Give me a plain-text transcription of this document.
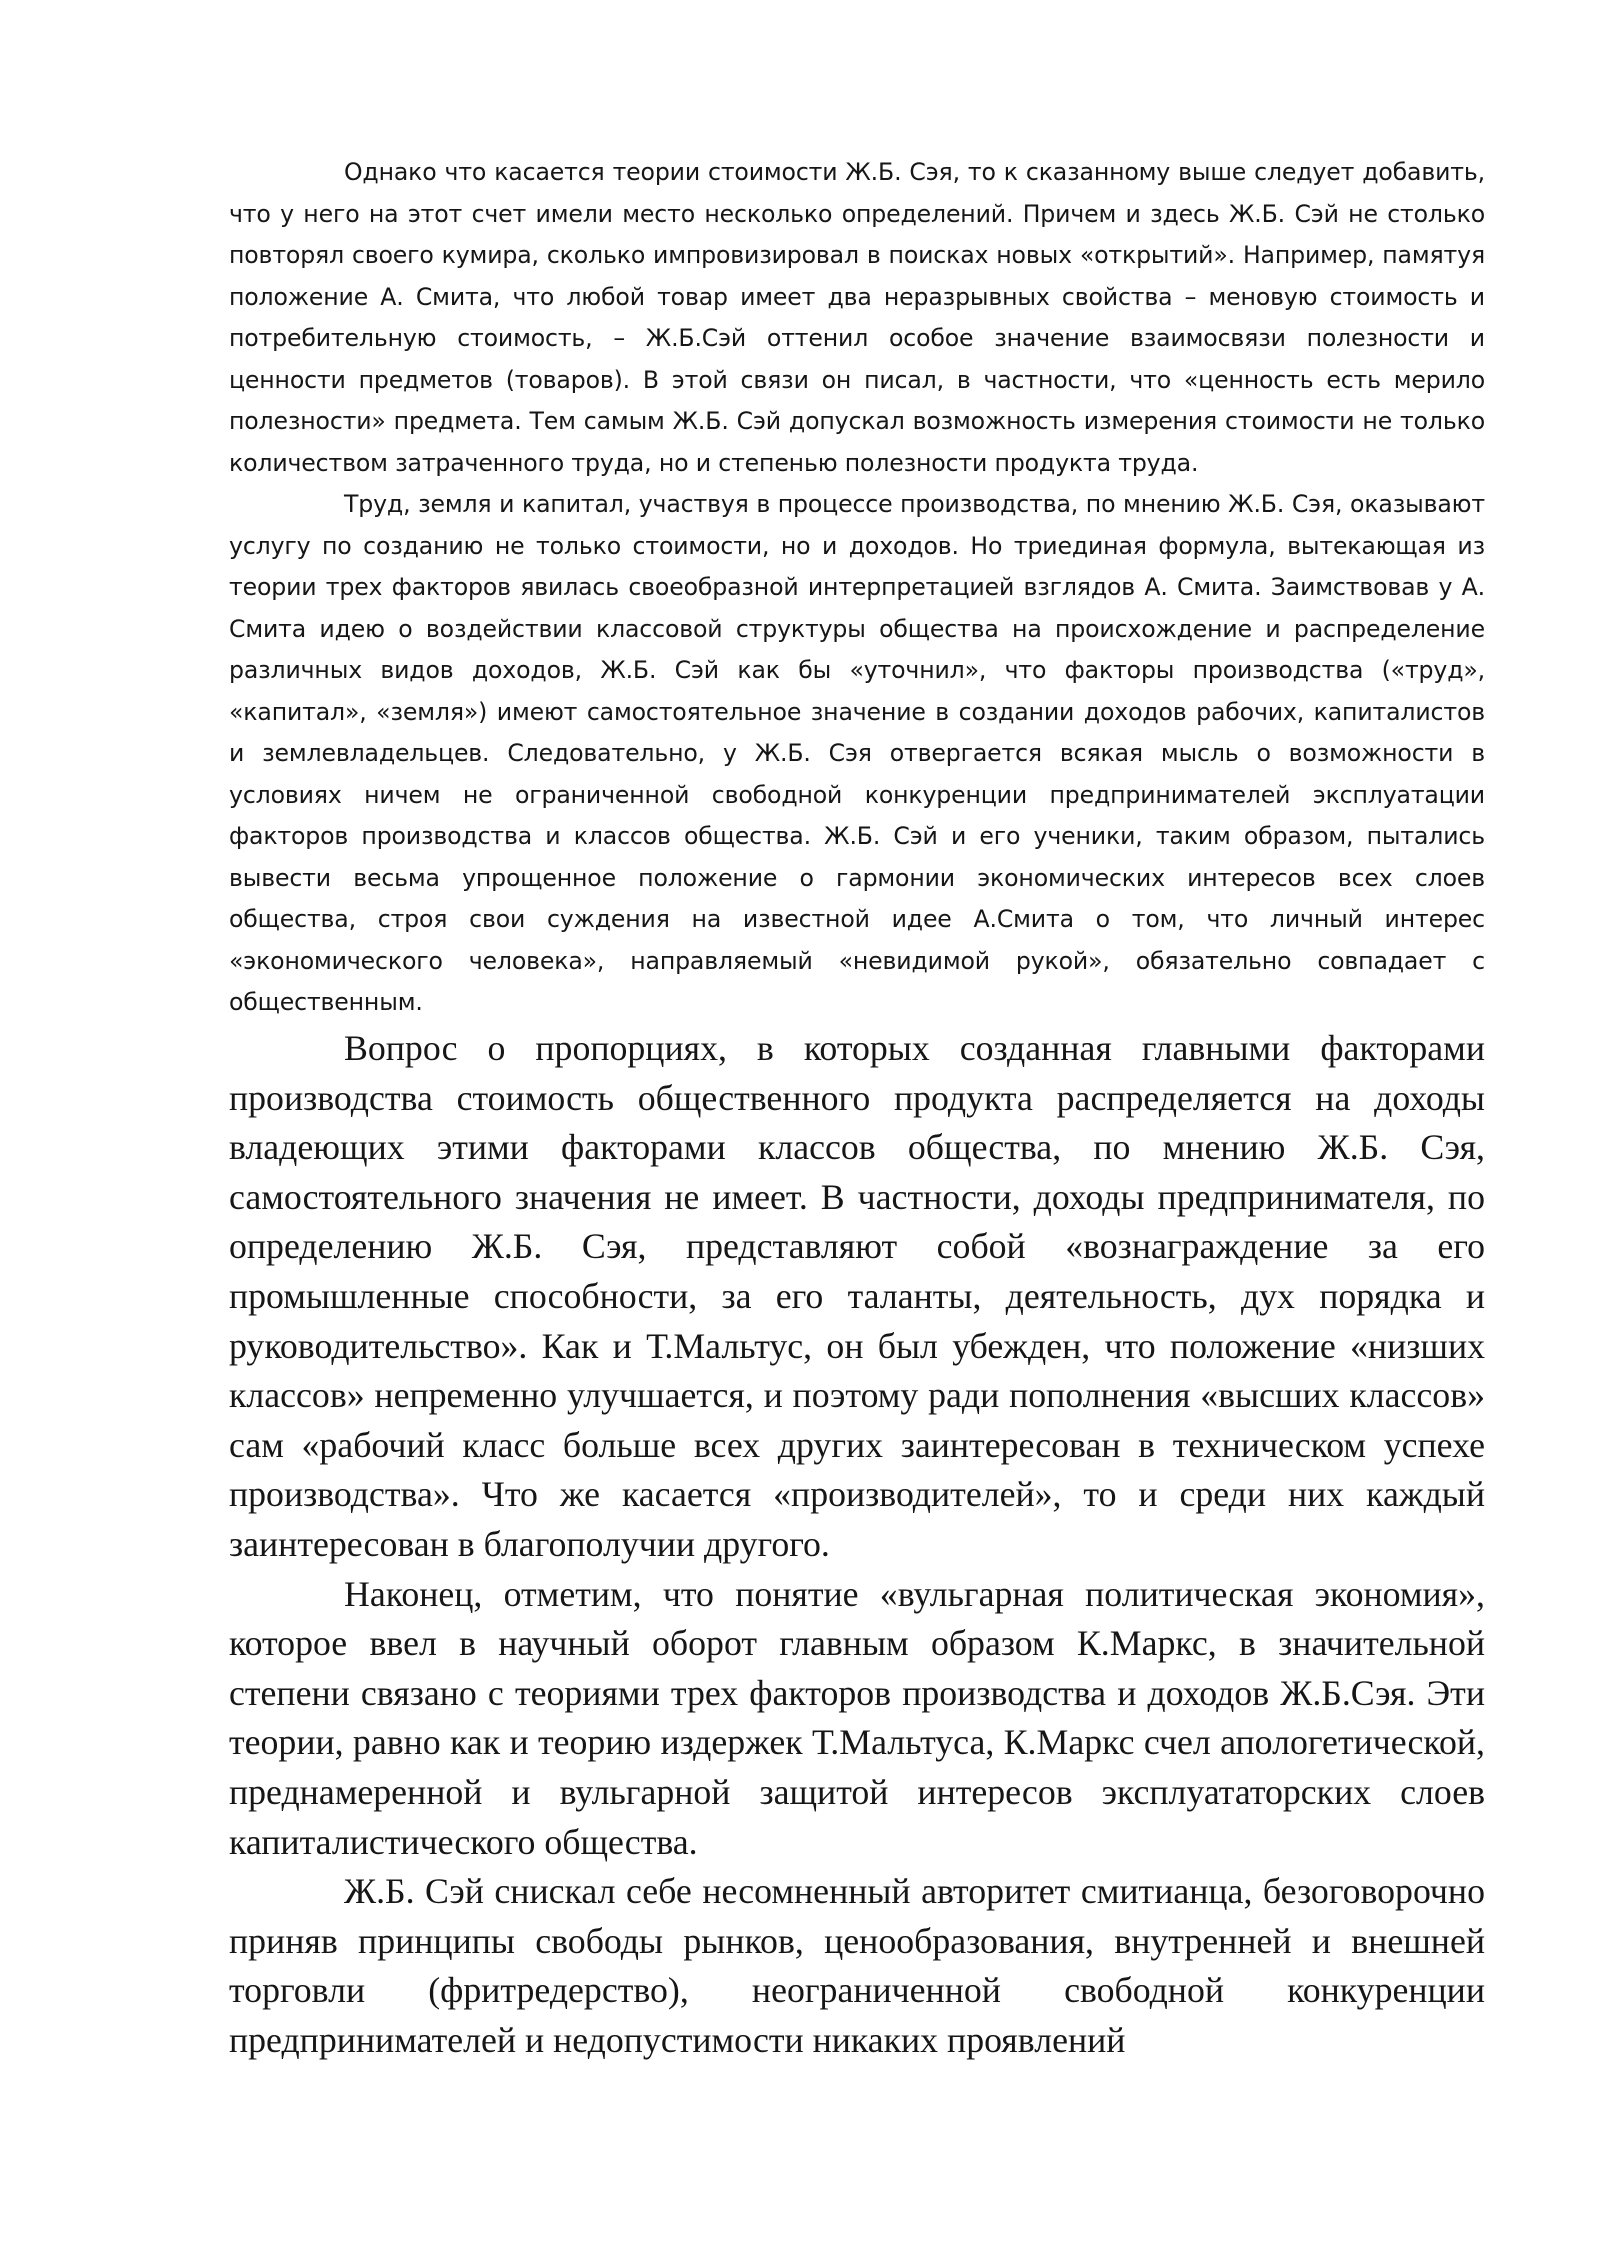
Однако что касается теории стоимости Ж.Б. Сэя, то к сказанному выше следует добавить, что у него на этот счет имели место несколько определений. Причем и здесь Ж.Б. Сэй не столько повторял своего кумира, сколько импровизировал в поисках новых «открытий». Например, памятуя положение А. Смита, что любой товар имеет два неразрывных свойства – меновую стоимость и потребительную стоимость, – Ж.Б.Сэй оттенил особое значение взаимосвязи полезности и ценности предметов (товаров). В этой связи он писал, в частности, что «ценность есть мерило полезности» предмета. Тем самым Ж.Б. Сэй допускал возможность измерения стоимости не только количеством затраченного труда, но и степенью полезности продукта труда.

Труд, земля и капитал, участвуя в процессе производства, по мнению Ж.Б. Сэя, оказывают услугу по созданию не только стоимости, но и доходов. Но триединая формула, вытекающая из теории трех факторов явилась своеобразной интерпретацией взглядов А. Смита. Заимствовав у А. Смита идею о воздействии классовой структуры общества на происхождение и распределение различных видов доходов, Ж.Б. Сэй как бы «уточнил», что факторы производства («труд», «капитал», «земля») имеют самостоятельное значение в создании доходов рабочих, капиталистов и землевладельцев. Следовательно, у Ж.Б. Сэя отвергается всякая мысль о возможности в условиях ничем не ограниченной свободной конкуренции предпринимателей эксплуатации факторов производства и классов общества. Ж.Б. Сэй и его ученики, таким образом, пытались вывести весьма упрощенное положение о гармонии экономических интересов всех слоев общества, строя свои суждения на известной идее А.Смита о том, что личный интерес «экономического человека», направляемый «невидимой рукой», обязательно совпадает с общественным.

Вопрос о пропорциях, в которых созданная главными факторами производства стоимость общественного продукта распределяется на доходы владеющих этими факторами классов общества, по мнению Ж.Б. Сэя, самостоятельного значения не имеет. В частности, доходы предпринимателя, по определению Ж.Б. Сэя, представляют собой «вознаграждение за его промышленные способности, за его таланты, деятельность, дух порядка и руководительство». Как и Т.Мальтус, он был убежден, что положение «низших классов» непременно улучшается, и поэтому ради пополнения «высших классов» сам «рабочий класс больше всех других заинтересован в техническом успехе производства». Что же касается «производителей», то и среди них каждый заинтересован в благополучии другого.

Наконец, отметим, что понятие «вульгарная политическая экономия», которое ввел в научный оборот главным образом К.Маркс, в значительной степени связано с теориями трех факторов производства и доходов Ж.Б.Сэя. Эти теории, равно как и теорию издержек Т.Мальтуса, К.Маркс счел апологетической, преднамеренной и вульгарной защитой интересов эксплуататорских слоев капиталистического общества.

Ж.Б. Сэй снискал себе несомненный авторитет смитианца, безоговорочно приняв принципы свободы рынков, ценообразования, внутренней и внешней торговли (фритредерство), неограниченной свободной конкуренции предпринимателей и недопустимости никаких проявлений
